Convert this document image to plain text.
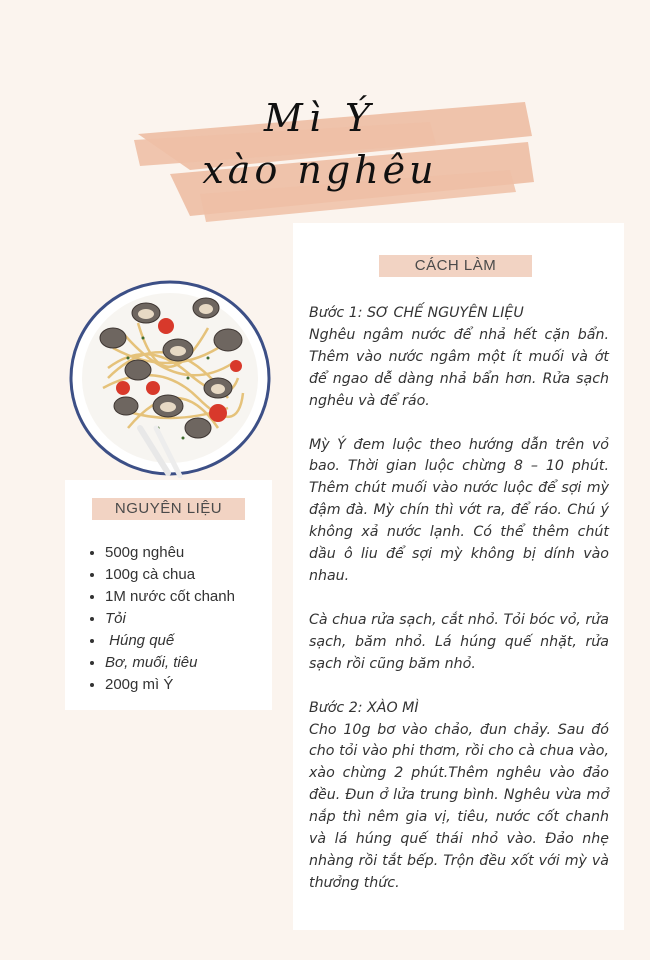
Mì Ý
xào nghêu
NGUYÊN LIỆU
• 500g nghêu
• 100g cà chua
• 1M nước cốt chanh
• Tỏi
•  Húng quế
• Bơ, muối, tiêu
• 200g mì Ý
CÁCH LÀM

Bước 1: SƠ CHẾ NGUYÊN LIỆU
Nghêu ngâm nước để nhả hết cặn bẩn. Thêm vào nước ngâm một ít muối và ớt để ngao dễ dàng nhả bẩn hơn. Rửa sạch nghêu và để ráo.

Mỳ Ý đem luộc theo hướng dẫn trên vỏ bao. Thời gian luộc chừng 8 – 10 phút. Thêm chút muối vào nước luộc để sợi mỳ đậm đà. Mỳ chín thì vớt ra, để ráo. Chú ý không xả nước lạnh. Có thể thêm chút dầu ô liu để sợi mỳ không bị dính vào nhau.

Cà chua rửa sạch, cắt nhỏ. Tỏi bóc vỏ, rửa sạch, băm nhỏ. Lá húng quế nhặt, rửa sạch rồi cũng băm nhỏ.

Bước 2: XÀO MÌ
Cho 10g bơ vào chảo, đun chảy. Sau đó cho tỏi vào phi thơm, rồi cho cà chua vào, xào chừng 2 phút.Thêm nghêu vào đảo đều. Đun ở lửa trung bình. Nghêu vừa mở nắp thì nêm gia vị, tiêu, nước cốt chanh và lá húng quế thái nhỏ vào. Đảo nhẹ nhàng rồi tắt bếp. Trộn đều xốt với mỳ và thưởng thức.
